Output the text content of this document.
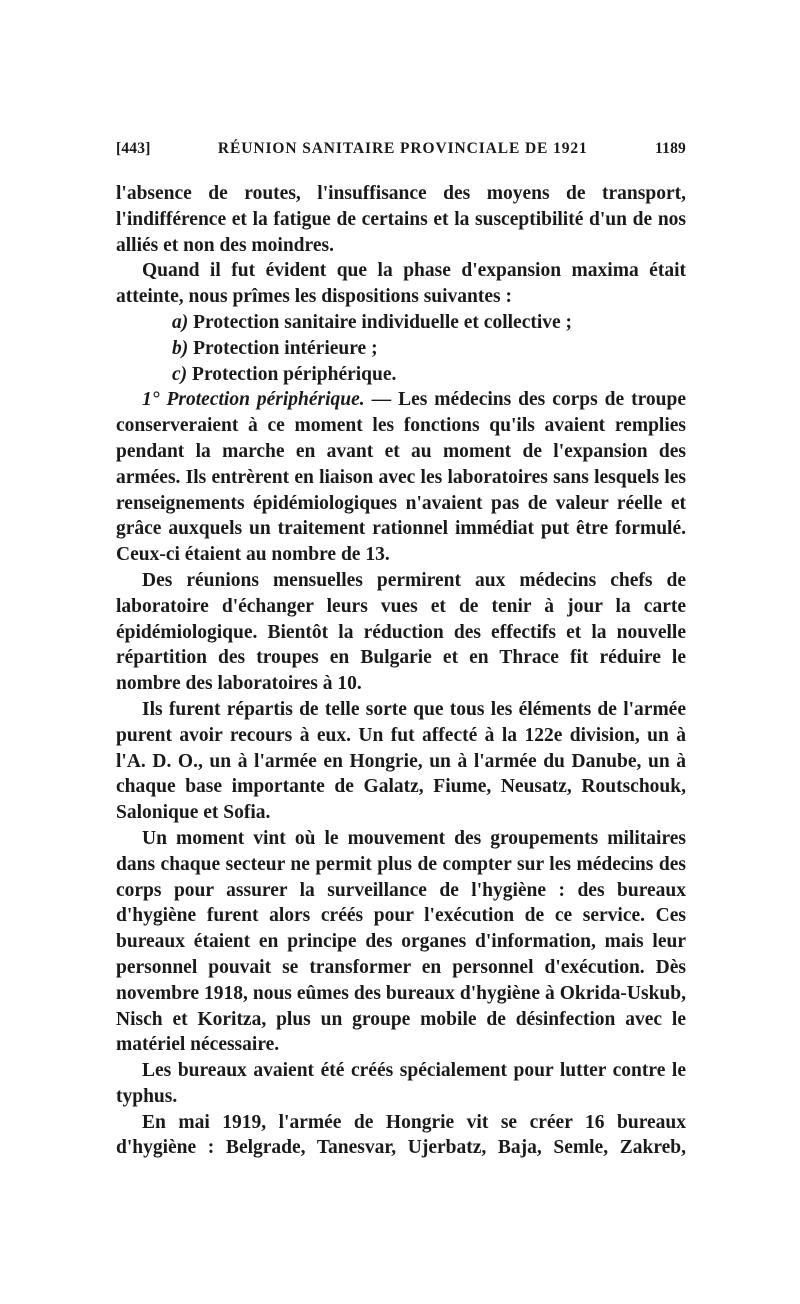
[443]	RÉUNION SANITAIRE PROVINCIALE DE 1921	1189

l'absence de routes, l'insuffisance des moyens de transport, l'indifférence et la fatigue de certains et la susceptibilité d'un de nos alliés et non des moindres.

Quand il fut évident que la phase d'expansion maxima était atteinte, nous prîmes les dispositions suivantes :

a) Protection sanitaire individuelle et collective ;

b) Protection intérieure ;

c) Protection périphérique.

1° Protection périphérique. — Les médecins des corps de troupe conserveraient à ce moment les fonctions qu'ils avaient remplies pendant la marche en avant et au moment de l'expansion des armées. Ils entrèrent en liaison avec les laboratoires sans lesquels les renseignements épidémiologiques n'avaient pas de valeur réelle et grâce auxquels un traitement rationnel immédiat put être formulé. Ceux-ci étaient au nombre de 13.

Des réunions mensuelles permirent aux médecins chefs de laboratoire d'échanger leurs vues et de tenir à jour la carte épidémiologique. Bientôt la réduction des effectifs et la nouvelle répartition des troupes en Bulgarie et en Thrace fit réduire le nombre des laboratoires à 10.

Ils furent répartis de telle sorte que tous les éléments de l'armée purent avoir recours à eux. Un fut affecté à la 122e division, un à l'A. D. O., un à l'armée en Hongrie, un à l'armée du Danube, un à chaque base importante de Galatz, Fiume, Neusatz, Routschouk, Salonique et Sofia.

Un moment vint où le mouvement des groupements militaires dans chaque secteur ne permit plus de compter sur les médecins des corps pour assurer la surveillance de l'hygiène : des bureaux d'hygiène furent alors créés pour l'exécution de ce service. Ces bureaux étaient en principe des organes d'information, mais leur personnel pouvait se transformer en personnel d'exécution. Dès novembre 1918, nous eûmes des bureaux d'hygiène à Okrida-Uskub, Nisch et Koritza, plus un groupe mobile de désinfection avec le matériel nécessaire.

Les bureaux avaient été créés spécialement pour lutter contre le typhus.

En mai 1919, l'armée de Hongrie vit se créer 16 bureaux d'hygiène : Belgrade, Tanesvar, Ujerbatz, Baja, Semle, Zakreb,
